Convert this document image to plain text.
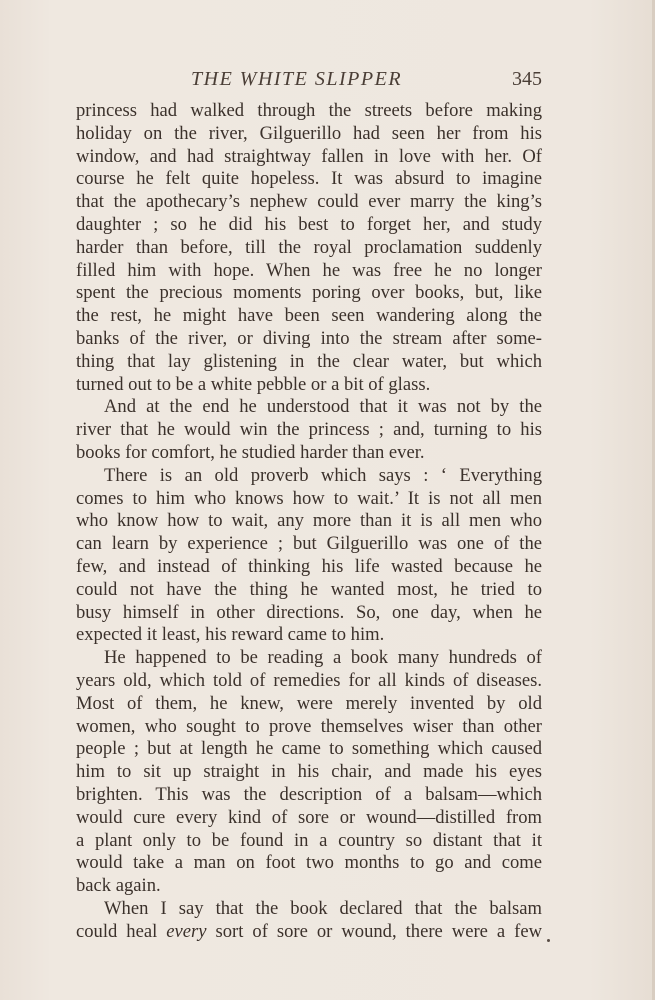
THE WHITE SLIPPER	345
princess had walked through the streets before making
holiday on the river, Gilguerillo had seen her from his
window, and had straightway fallen in love with her. Of
course he felt quite hopeless. It was absurd to imagine
that the apothecary’s nephew could ever marry the king’s
daughter ; so he did his best to forget her, and study
harder than before, till the royal proclamation suddenly
filled him with hope. When he was free he no longer
spent the precious moments poring over books, but, like
the rest, he might have been seen wandering along the
banks of the river, or diving into the stream after some-
thing that lay glistening in the clear water, but which
turned out to be a white pebble or a bit of glass.
And at the end he understood that it was not by the
river that he would win the princess ; and, turning to his
books for comfort, he studied harder than ever.
There is an old proverb which says : ‘ Everything
comes to him who knows how to wait.’ It is not all men
who know how to wait, any more than it is all men who
can learn by experience ; but Gilguerillo was one of the
few, and instead of thinking his life wasted because he
could not have the thing he wanted most, he tried to
busy himself in other directions. So, one day, when he
expected it least, his reward came to him.
He happened to be reading a book many hundreds of
years old, which told of remedies for all kinds of diseases.
Most of them, he knew, were merely invented by old
women, who sought to prove themselves wiser than other
people ; but at length he came to something which caused
him to sit up straight in his chair, and made his eyes
brighten. This was the description of a balsam—which
would cure every kind of sore or wound—distilled from
a plant only to be found in a country so distant that it
would take a man on foot two months to go and come
back again.
When I say that the book declared that the balsam
could heal every sort of sore or wound, there were a few
